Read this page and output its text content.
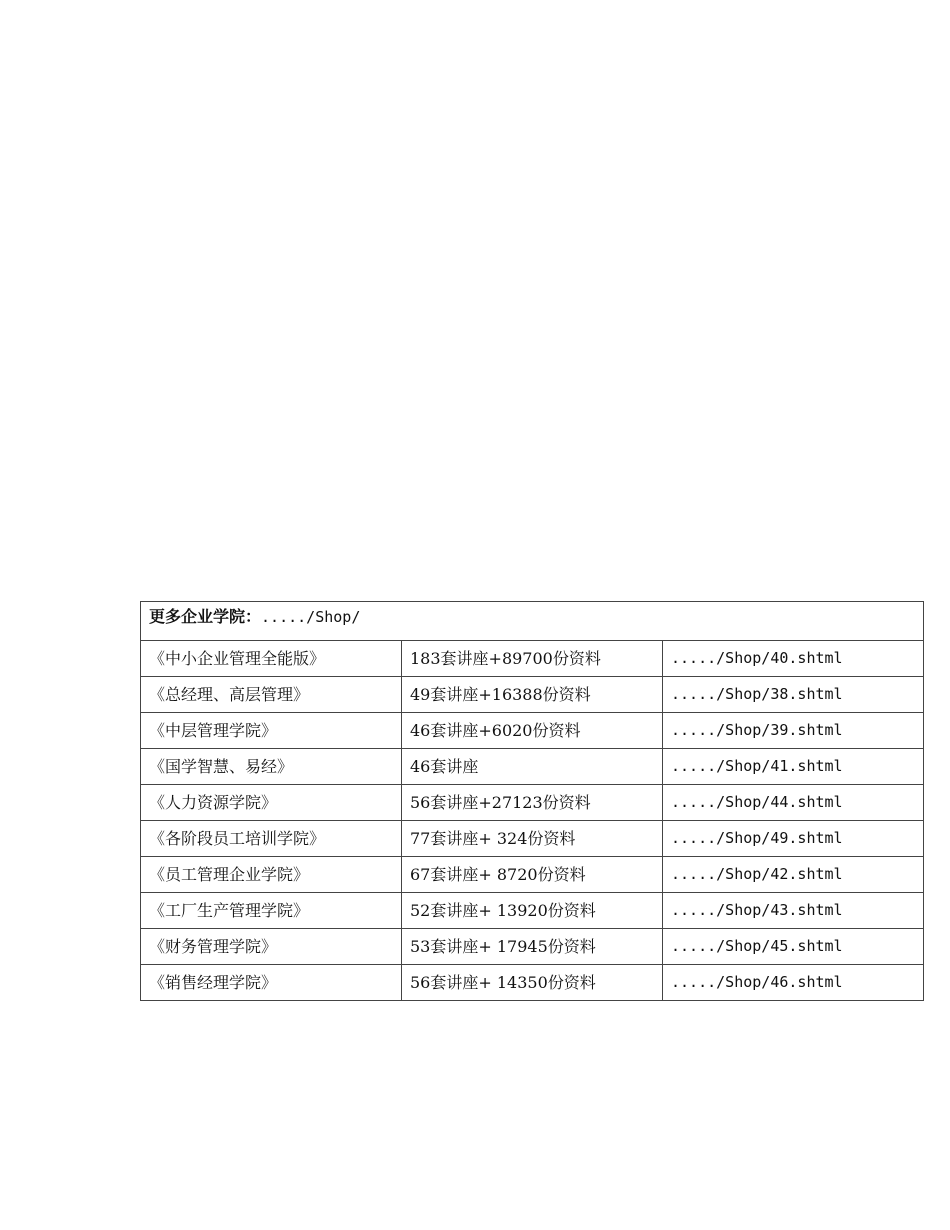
更多企业学院：...../Shop/		
《中小企业管理全能版》	183套讲座+89700份资料	...../Shop/40.shtml
《总经理、高层管理》	49套讲座+16388份资料	...../Shop/38.shtml
《中层管理学院》	46套讲座+6020份资料	...../Shop/39.shtml
《国学智慧、易经》	46套讲座	...../Shop/41.shtml
《人力资源学院》	56套讲座+27123份资料	...../Shop/44.shtml
《各阶段员工培训学院》	77套讲座+ 324份资料	...../Shop/49.shtml
《员工管理企业学院》	67套讲座+ 8720份资料	...../Shop/42.shtml
《工厂生产管理学院》	52套讲座+ 13920份资料	...../Shop/43.shtml
《财务管理学院》	53套讲座+ 17945份资料	...../Shop/45.shtml
《销售经理学院》	56套讲座+ 14350份资料	...../Shop/46.shtml
